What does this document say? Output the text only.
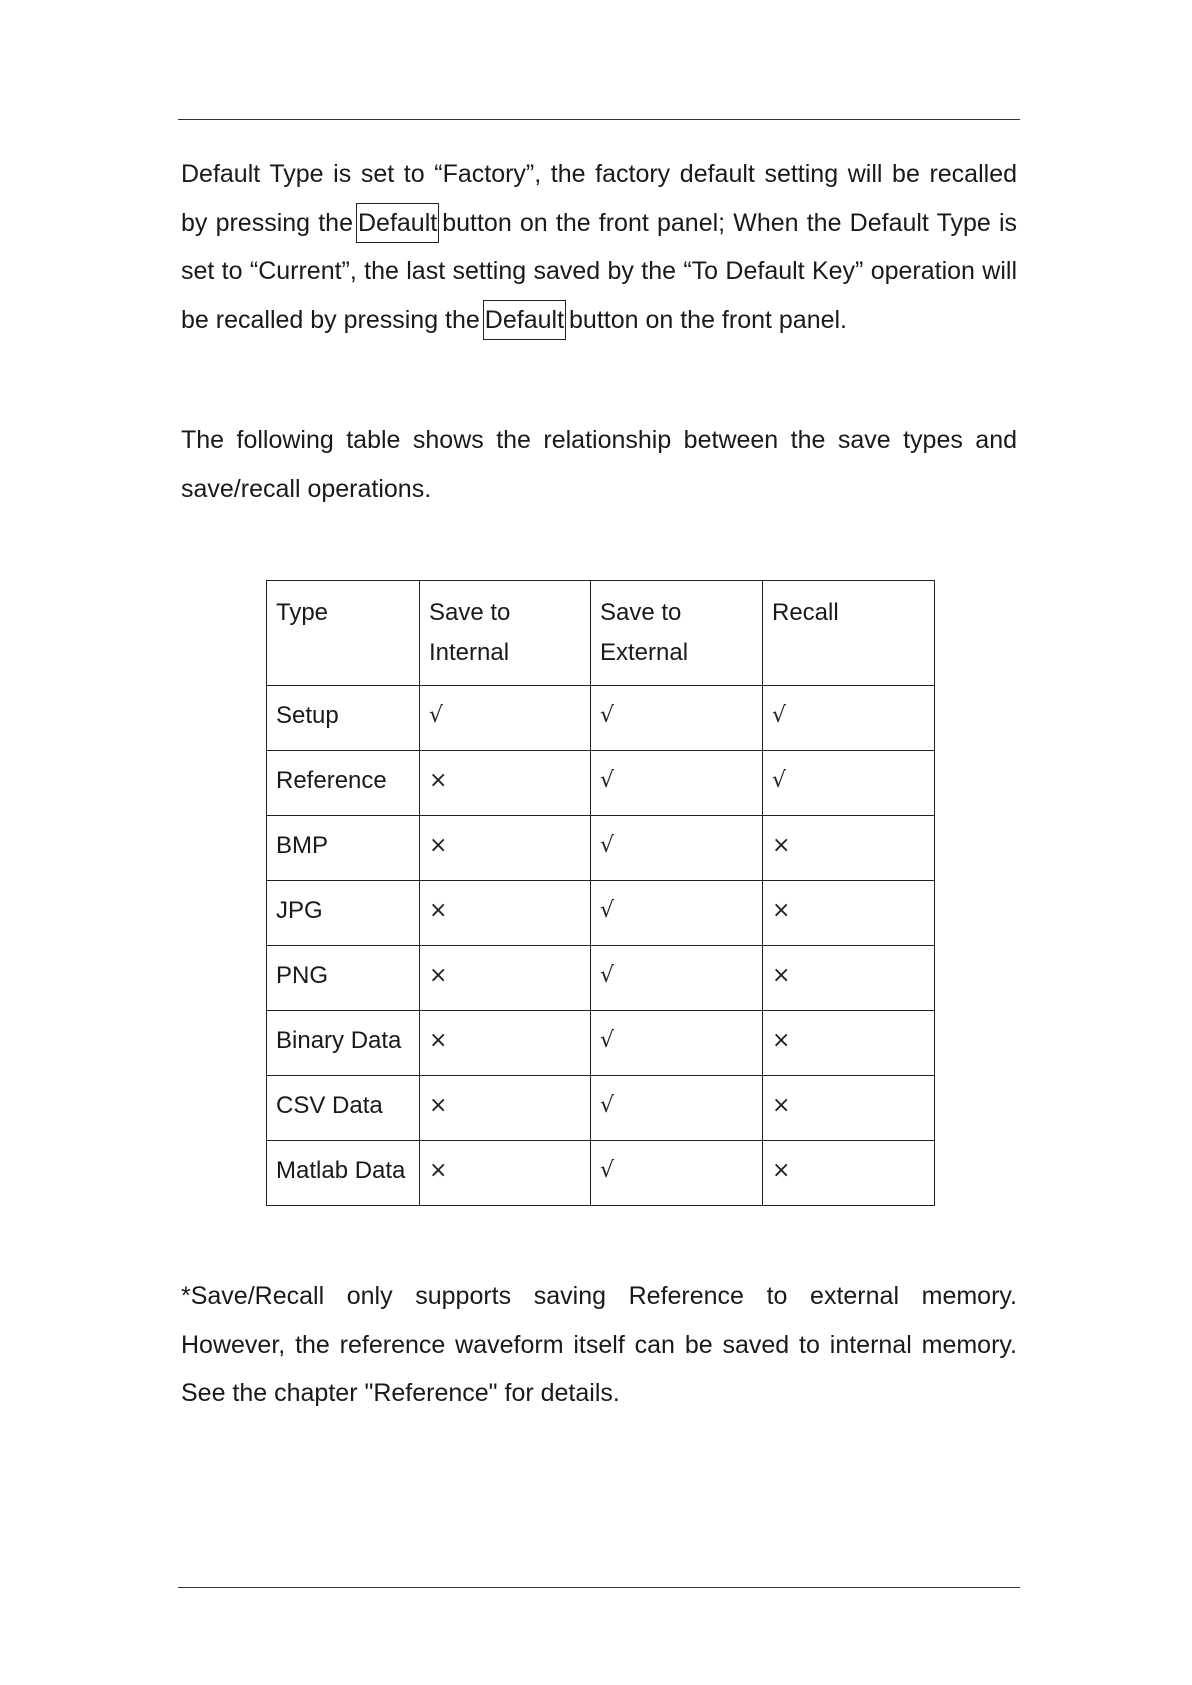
Default Type is set to “Factory”, the factory default setting will be recalled by pressing the Default button on the front panel; When the Default Type is set to “Current”, the last setting saved by the “To Default Key” operation will be recalled by pressing the Default button on the front panel.

The following table shows the relationship between the save types and save/recall operations.

Type	Save to Internal	Save to External	Recall
Setup	√	√	√
Reference	×	√	√
BMP	×	√	×
JPG	×	√	×
PNG	×	√	×
Binary Data	×	√	×
CSV Data	×	√	×
Matlab Data	×	√	×

*Save/Recall only supports saving Reference to external memory. However, the reference waveform itself can be saved to internal memory. See the chapter "Reference" for details.
